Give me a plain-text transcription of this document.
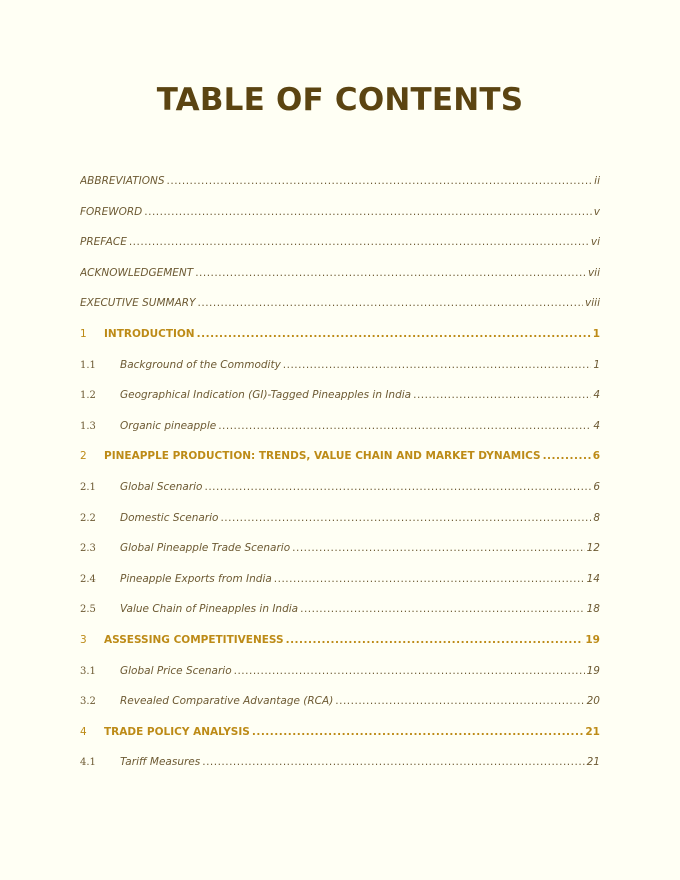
TABLE OF CONTENTS
ABBREVIATIONS .....	ii
FOREWORD .....	v
PREFACE .....	vi
ACKNOWLEDGEMENT .....	vii
EXECUTIVE SUMMARY .....	viii
1	INTRODUCTION .....	1
1.1	Background of the Commodity .....	1
1.2	Geographical Indication (GI)-Tagged Pineapples in India .....	4
1.3	Organic pineapple .....	4
2	PINEAPPLE PRODUCTION: TRENDS, VALUE CHAIN AND MARKET DYNAMICS .....	6
2.1	Global Scenario .....	6
2.2	Domestic Scenario .....	8
2.3	Global Pineapple Trade Scenario .....	12
2.4	Pineapple Exports from India .....	14
2.5	Value Chain of Pineapples in India .....	18
3	ASSESSING COMPETITIVENESS .....	19
3.1	Global Price Scenario .....	19
3.2	Revealed Comparative Advantage (RCA) .....	20
4	TRADE POLICY ANALYSIS .....	21
4.1	Tariff Measures .....	21
